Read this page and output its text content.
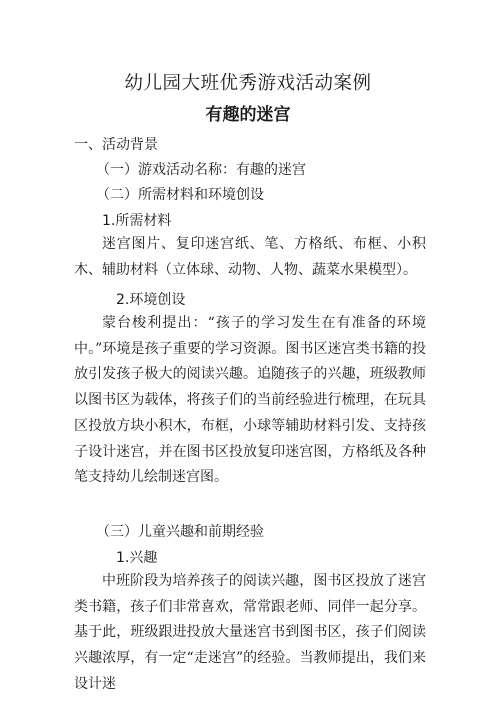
幼儿园大班优秀游戏活动案例
有趣的迷宫
一、活动背景
（一）游戏活动名称：有趣的迷宫
（二）所需材料和环境创设
1.所需材料

迷宫图片、复印迷宫纸、笔、方格纸、布框、小积木、辅助材料（立体球、动物、人物、蔬菜水果模型）。

2.环境创设

蒙台梭利提出：“孩子的学习发生在有准备的环境中。”环境是孩子重要的学习资源。图书区迷宫类书籍的投放引发孩子极大的阅读兴趣。追随孩子的兴趣，班级教师以图书区为载体，将孩子们的当前经验进行梳理，在玩具区投放方块小积木，布框，小球等辅助材料引发、支持孩子设计迷宫，并在图书区投放复印迷宫图，方格纸及各种笔支持幼儿绘制迷宫图。

（三）儿童兴趣和前期经验
1.兴趣

中班阶段为培养孩子的阅读兴趣，图书区投放了迷宫类书籍，孩子们非常喜欢，常常跟老师、同伴一起分享。基于此，班级跟进投放大量迷宫书到图书区，孩子们阅读兴趣浓厚，有一定“走迷宫”的经验。当教师提出，我们来设计迷
